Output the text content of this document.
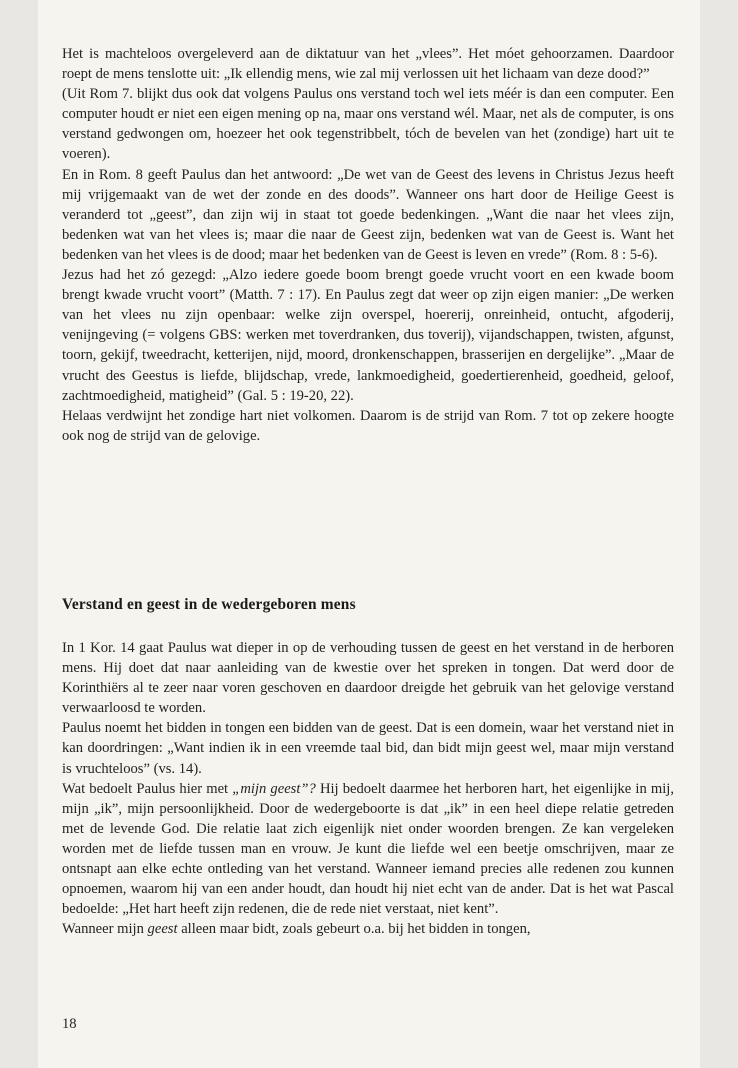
Het is machteloos overgeleverd aan de diktatuur van het „vlees”. Het móet gehoorzamen. Daardoor roept de mens tenslotte uit: „Ik ellendig mens, wie zal mij verlossen uit het lichaam van deze dood?”

(Uit Rom 7. blijkt dus ook dat volgens Paulus ons verstand toch wel iets méér is dan een computer. Een computer houdt er niet een eigen mening op na, maar ons verstand wél. Maar, net als de computer, is ons verstand gedwongen om, hoezeer het ook tegenstribbelt, tóch de bevelen van het (zondige) hart uit te voeren).

En in Rom. 8 geeft Paulus dan het antwoord: „De wet van de Geest des levens in Christus Jezus heeft mij vrijgemaakt van de wet der zonde en des doods”. Wanneer ons hart door de Heilige Geest is veranderd tot „geest”, dan zijn wij in staat tot goede bedenkingen. „Want die naar het vlees zijn, bedenken wat van het vlees is; maar die naar de Geest zijn, bedenken wat van de Geest is. Want het bedenken van het vlees is de dood; maar het bedenken van de Geest is leven en vrede” (Rom. 8 : 5-6).

Jezus had het zó gezegd: „Alzo iedere goede boom brengt goede vrucht voort en een kwade boom brengt kwade vrucht voort” (Matth. 7 : 17). En Paulus zegt dat weer op zijn eigen manier: „De werken van het vlees nu zijn openbaar: welke zijn overspel, hoererij, onreinheid, ontucht, afgoderij, venijngeving (= volgens GBS: werken met toverdranken, dus toverij), vijandschappen, twisten, afgunst, toorn, gekijf, tweedracht, ketterijen, nijd, moord, dronkenschappen, brasserijen en dergelijke”. „Maar de vrucht des Geestus is liefde, blijdschap, vrede, lankmoedigheid, goedertierenheid, goedheid, geloof, zachtmoedigheid, matigheid” (Gal. 5 : 19-20, 22).

Helaas verdwijnt het zondige hart niet volkomen. Daarom is de strijd van Rom. 7 tot op zekere hoogte ook nog de strijd van de gelovige.

Verstand en geest in de wedergeboren mens

In 1 Kor. 14 gaat Paulus wat dieper in op de verhouding tussen de geest en het verstand in de herboren mens. Hij doet dat naar aanleiding van de kwestie over het spreken in tongen. Dat werd door de Korinthiërs al te zeer naar voren geschoven en daardoor dreigde het gebruik van het gelovige verstand verwaarloosd te worden.

Paulus noemt het bidden in tongen een bidden van de geest. Dat is een domein, waar het verstand niet in kan doordringen: „Want indien ik in een vreemde taal bid, dan bidt mijn geest wel, maar mijn verstand is vruchteloos” (vs. 14).

Wat bedoelt Paulus hier met „mijn geest”? Hij bedoelt daarmee het herboren hart, het eigenlijke in mij, mijn „ik”, mijn persoonlijkheid. Door de wedergeboorte is dat „ik” in een heel diepe relatie getreden met de levende God. Die relatie laat zich eigenlijk niet onder woorden brengen. Ze kan vergeleken worden met de liefde tussen man en vrouw. Je kunt die liefde wel een beetje omschrijven, maar ze ontsnapt aan elke echte ontleding van het verstand. Wanneer iemand precies alle redenen zou kunnen opnoemen, waarom hij van een ander houdt, dan houdt hij niet echt van de ander. Dat is het wat Pascal bedoelde: „Het hart heeft zijn redenen, die de rede niet verstaat, niet kent”.

Wanneer mijn geest alleen maar bidt, zoals gebeurt o.a. bij het bidden in tongen,

18
